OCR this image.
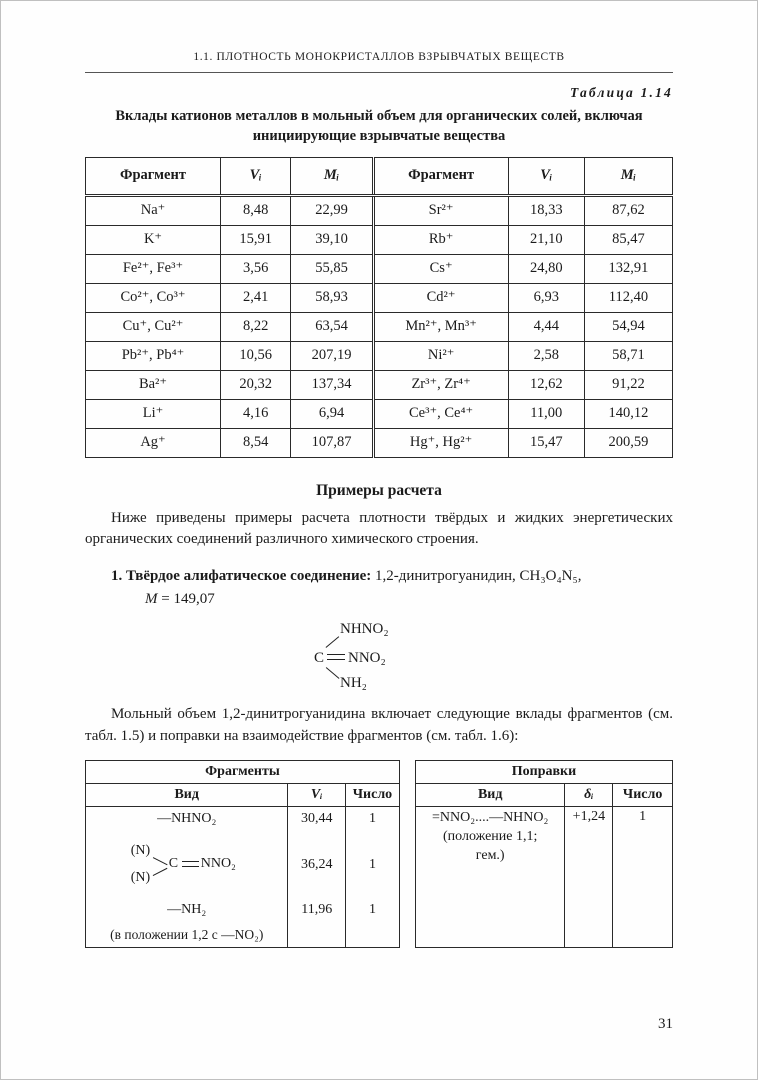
1.1. ПЛОТНОСТЬ МОНОКРИСТАЛЛОВ ВЗРЫВЧАТЫХ ВЕЩЕСТВ
Таблица 1.14
Вклады катионов металлов в мольный объем для органических солей, включая инициирующие взрывчатые вещества
Фрагмент	Vᵢ	Mᵢ	Фрагмент	Vᵢ	Mᵢ
Na⁺	8,48	22,99	Sr²⁺	18,33	87,62
K⁺	15,91	39,10	Rb⁺	21,10	85,47
Fe²⁺, Fe³⁺	3,56	55,85	Cs⁺	24,80	132,91
Co²⁺, Co³⁺	2,41	58,93	Cd²⁺	6,93	112,40
Cu⁺, Cu²⁺	8,22	63,54	Mn²⁺, Mn³⁺	4,44	54,94
Pb²⁺, Pb⁴⁺	10,56	207,19	Ni²⁺	2,58	58,71
Ba²⁺	20,32	137,34	Zr³⁺, Zr⁴⁺	12,62	91,22
Li⁺	4,16	6,94	Ce³⁺, Ce⁴⁺	11,00	140,12
Ag⁺	8,54	107,87	Hg⁺, Hg²⁺	15,47	200,59
Примеры расчета

Ниже приведены примеры расчета плотности твёрдых и жидких энергетических органических соединений различного химического строения.

1. Твёрдое алифатическое соединение: 1,2-динитрогуанидин, CH₃O₄N₅,
M = 149,07

NHNO₂
C NNO₂
NH₂

Мольный объем 1,2-динитрогуанидина включает следующие вклады фрагментов (см. табл. 1.5) и поправки на взаимодействие фрагментов (см. табл. 1.6):

Фрагменты		
Вид	Vᵢ	Число
—NHNO₂	30,44	1

(N)
(N)
C NNO₂	36,24	1
—NH₂	11,96	1
(в положении 1,2 с —NO₂)		
Поправки		
Вид	δᵢ	Число

=NNO₂....—NHNO₂
(положение 1,1;
гем.)	+1,24	1
31
